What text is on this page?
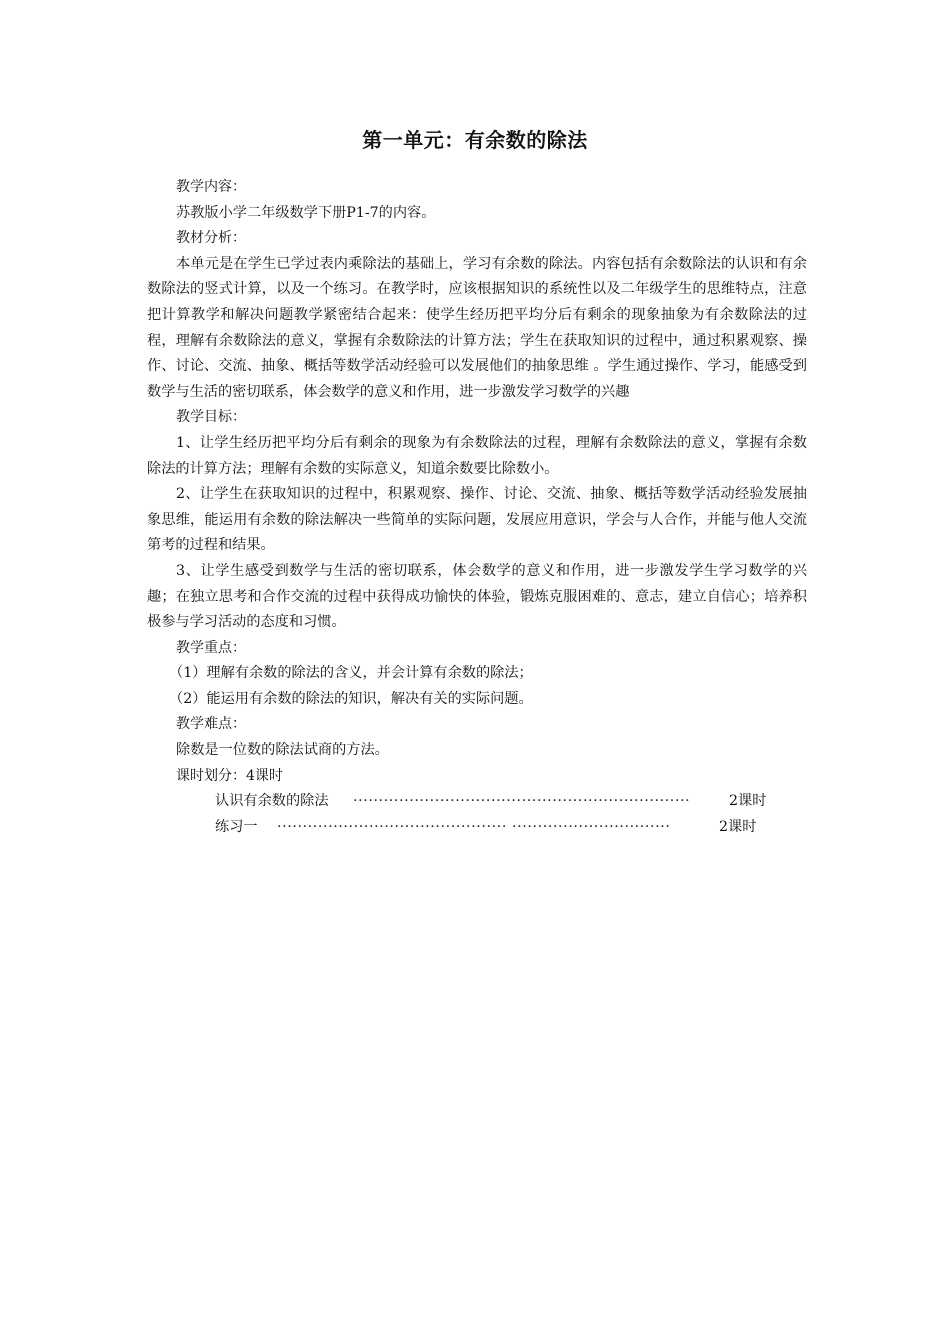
第一单元：有余数的除法
教学内容：
苏教版小学二年级数学下册P1-7的内容。
教材分析：
本单元是在学生已学过表内乘除法的基础上，学习有余数的除法。内容包括有余数除法的认识和有余数除法的竖式计算，以及一个练习。在教学时，应该根据知识的系统性以及二年级学生的思维特点，注意把计算教学和解决问题教学紧密结合起来：使学生经历把平均分后有剩余的现象抽象为有余数除法的过程，理解有余数除法的意义，掌握有余数除法的计算方法；学生在获取知识的过程中，通过积累观察、操作、讨论、交流、抽象、概括等数学活动经验可以发展他们的抽象思维 。学生通过操作、学习，能感受到数学与生活的密切联系，体会数学的意义和作用，进一步激发学习数学的兴趣
教学目标：
1、让学生经历把平均分后有剩余的现象为有余数除法的过程，理解有余数除法的意义，掌握有余数除法的计算方法；理解有余数的实际意义，知道余数要比除数小。
2、让学生在获取知识的过程中，积累观察、操作、讨论、交流、抽象、概括等数学活动经验发展抽象思维，能运用有余数的除法解决一些简单的实际问题，发展应用意识，学会与人合作，并能与他人交流第考的过程和结果。
3、让学生感受到数学与生活的密切联系，体会数学的意义和作用，进一步激发学生学习数学的兴趣；在独立思考和合作交流的过程中获得成功愉快的体验，锻炼克服困难的、意志，建立自信心；培养积极参与学习活动的态度和习惯。
教学重点：
（1）理解有余数的除法的含义，并会计算有余数的除法；
（2）能运用有余数的除法的知识，解决有关的实际问题。
教学难点：
除数是一位数的除法试商的方法。
课时划分：4课时
认识有余数的除法 ··································································	2课时
练习一 ············································· ·······························	2课时
